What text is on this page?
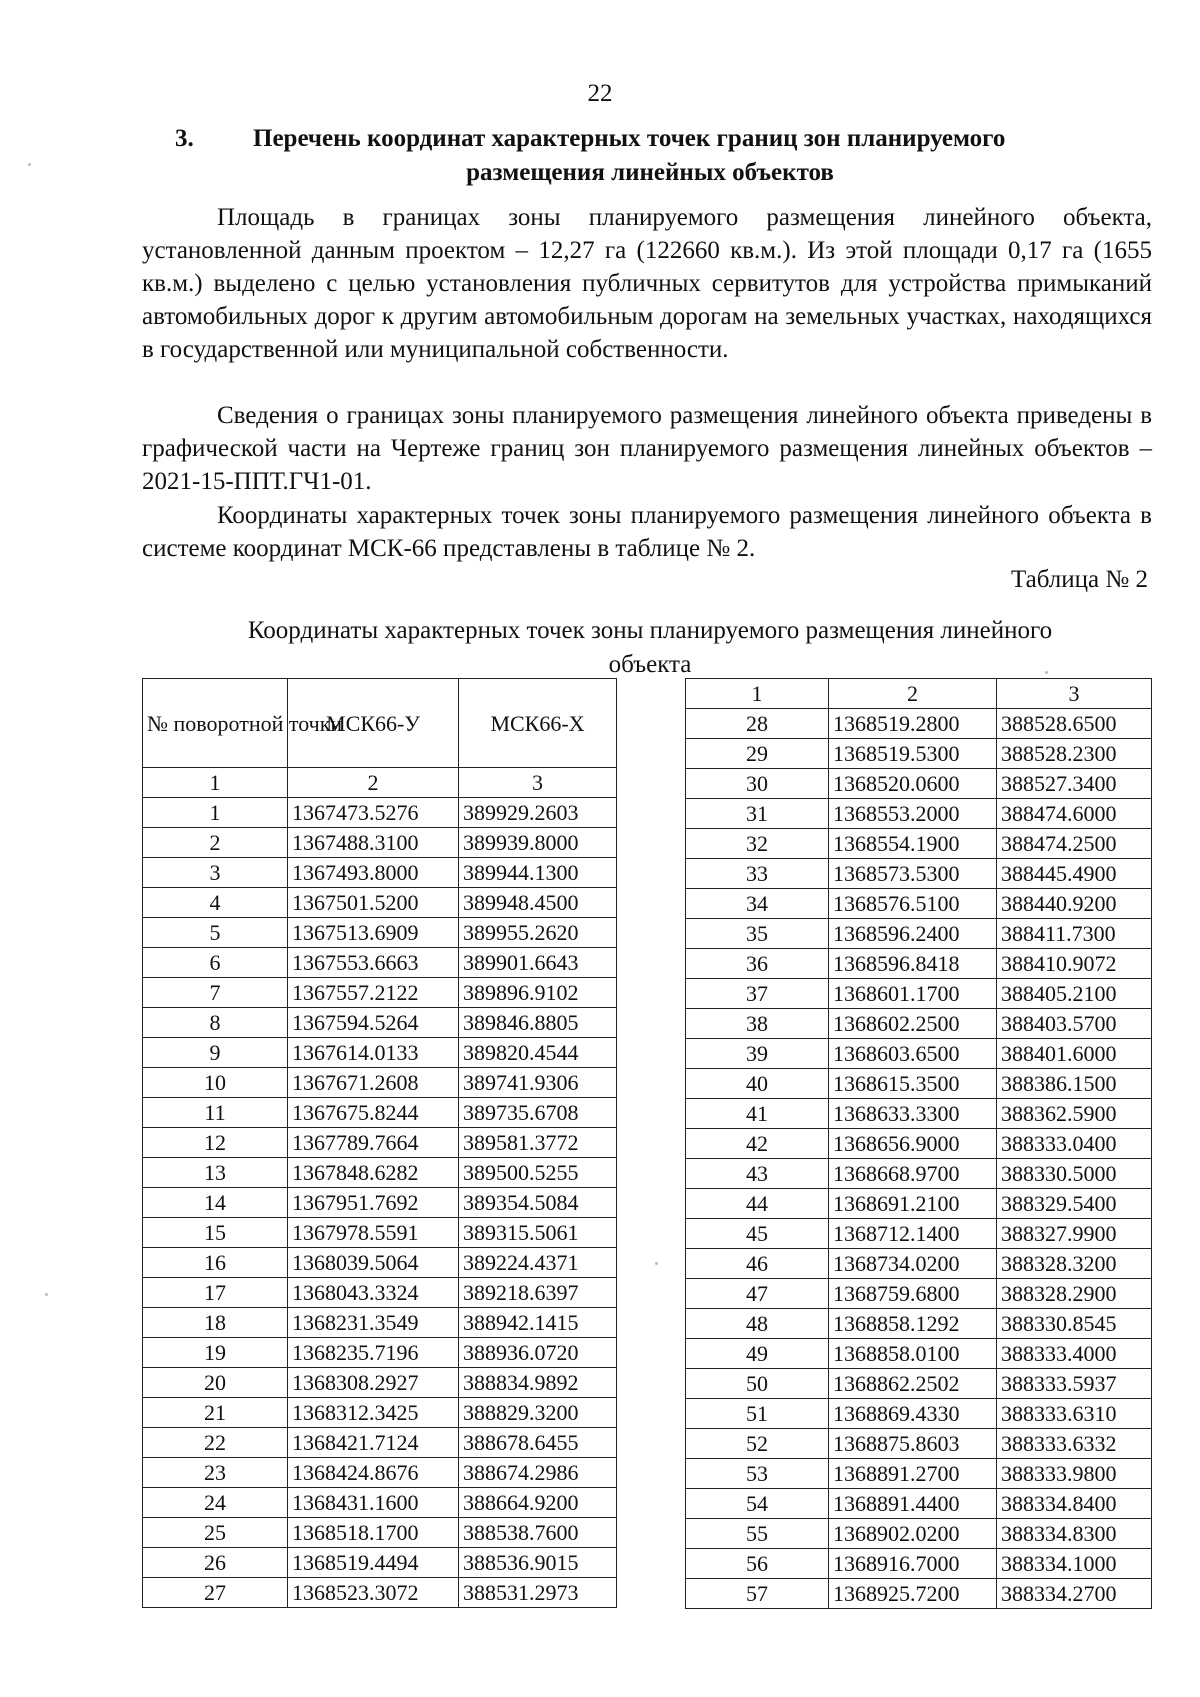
22
3. Перечень координат характерных точек границ зон планируемого
размещения линейных объектов

Площадь в границах зоны планируемого размещения линейного объекта, установленной данным проектом – 12,27 га (122660 кв.м.). Из этой площади 0,17 га (1655 кв.м.) выделено с целью установления публичных сервитутов для устройства примыканий автомобильных дорог к другим автомобильным дорогам на земельных участках, находящихся в государственной или муниципальной собственности.

Сведения о границах зоны планируемого размещения линейного объекта приведены в графической части на Чертеже границ зон планируемого размещения линейных объектов – 2021-15-ППТ.ГЧ1-01.

Координаты характерных точек зоны планируемого размещения линейного объекта в системе координат МСК-66 представлены в таблице № 2.

Таблица № 2
Координаты характерных точек зоны планируемого размещения линейного объекта
№ поворотной точки	МСК66-У	МСК66-Х
1	2	3
1	1367473.5276	389929.2603
2	1367488.3100	389939.8000
3	1367493.8000	389944.1300
4	1367501.5200	389948.4500
5	1367513.6909	389955.2620
6	1367553.6663	389901.6643
7	1367557.2122	389896.9102
8	1367594.5264	389846.8805
9	1367614.0133	389820.4544
10	1367671.2608	389741.9306
11	1367675.8244	389735.6708
12	1367789.7664	389581.3772
13	1367848.6282	389500.5255
14	1367951.7692	389354.5084
15	1367978.5591	389315.5061
16	1368039.5064	389224.4371
17	1368043.3324	389218.6397
18	1368231.3549	388942.1415
19	1368235.7196	388936.0720
20	1368308.2927	388834.9892
21	1368312.3425	388829.3200
22	1368421.7124	388678.6455
23	1368424.8676	388674.2986
24	1368431.1600	388664.9200
25	1368518.1700	388538.7600
26	1368519.4494	388536.9015
27	1368523.3072	388531.2973
1	2	3
28	1368519.2800	388528.6500
29	1368519.5300	388528.2300
30	1368520.0600	388527.3400
31	1368553.2000	388474.6000
32	1368554.1900	388474.2500
33	1368573.5300	388445.4900
34	1368576.5100	388440.9200
35	1368596.2400	388411.7300
36	1368596.8418	388410.9072
37	1368601.1700	388405.2100
38	1368602.2500	388403.5700
39	1368603.6500	388401.6000
40	1368615.3500	388386.1500
41	1368633.3300	388362.5900
42	1368656.9000	388333.0400
43	1368668.9700	388330.5000
44	1368691.2100	388329.5400
45	1368712.1400	388327.9900
46	1368734.0200	388328.3200
47	1368759.6800	388328.2900
48	1368858.1292	388330.8545
49	1368858.0100	388333.4000
50	1368862.2502	388333.5937
51	1368869.4330	388333.6310
52	1368875.8603	388333.6332
53	1368891.2700	388333.9800
54	1368891.4400	388334.8400
55	1368902.0200	388334.8300
56	1368916.7000	388334.1000
57	1368925.7200	388334.2700
